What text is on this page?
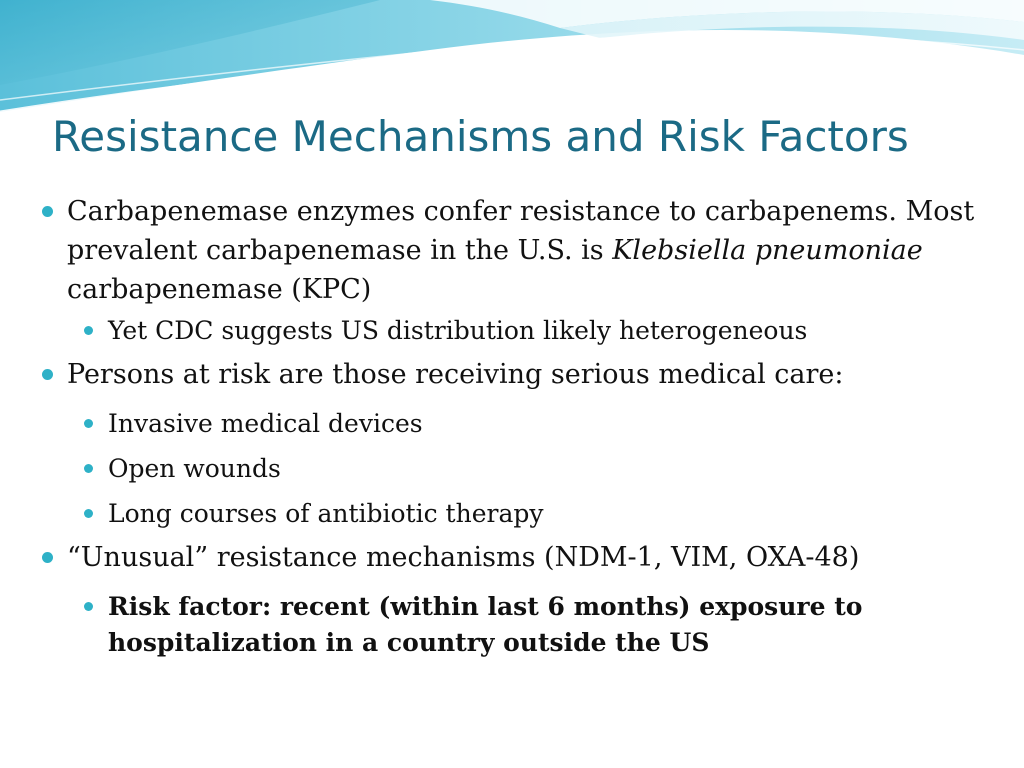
Resistance Mechanisms and Risk Factors
Carbapenemase enzymes confer resistance to carbapenems. Most prevalent carbapenemase in the U.S. is Klebsiella pneumoniae carbapenemase (KPC)
Yet CDC suggests US distribution likely heterogeneous
Persons at risk are those receiving serious medical care:
Invasive medical devices
Open wounds
Long courses of antibiotic therapy
“Unusual” resistance mechanisms (NDM-1, VIM, OXA-48)
Risk factor: recent (within last 6 months) exposure to hospitalization in a country outside the US
